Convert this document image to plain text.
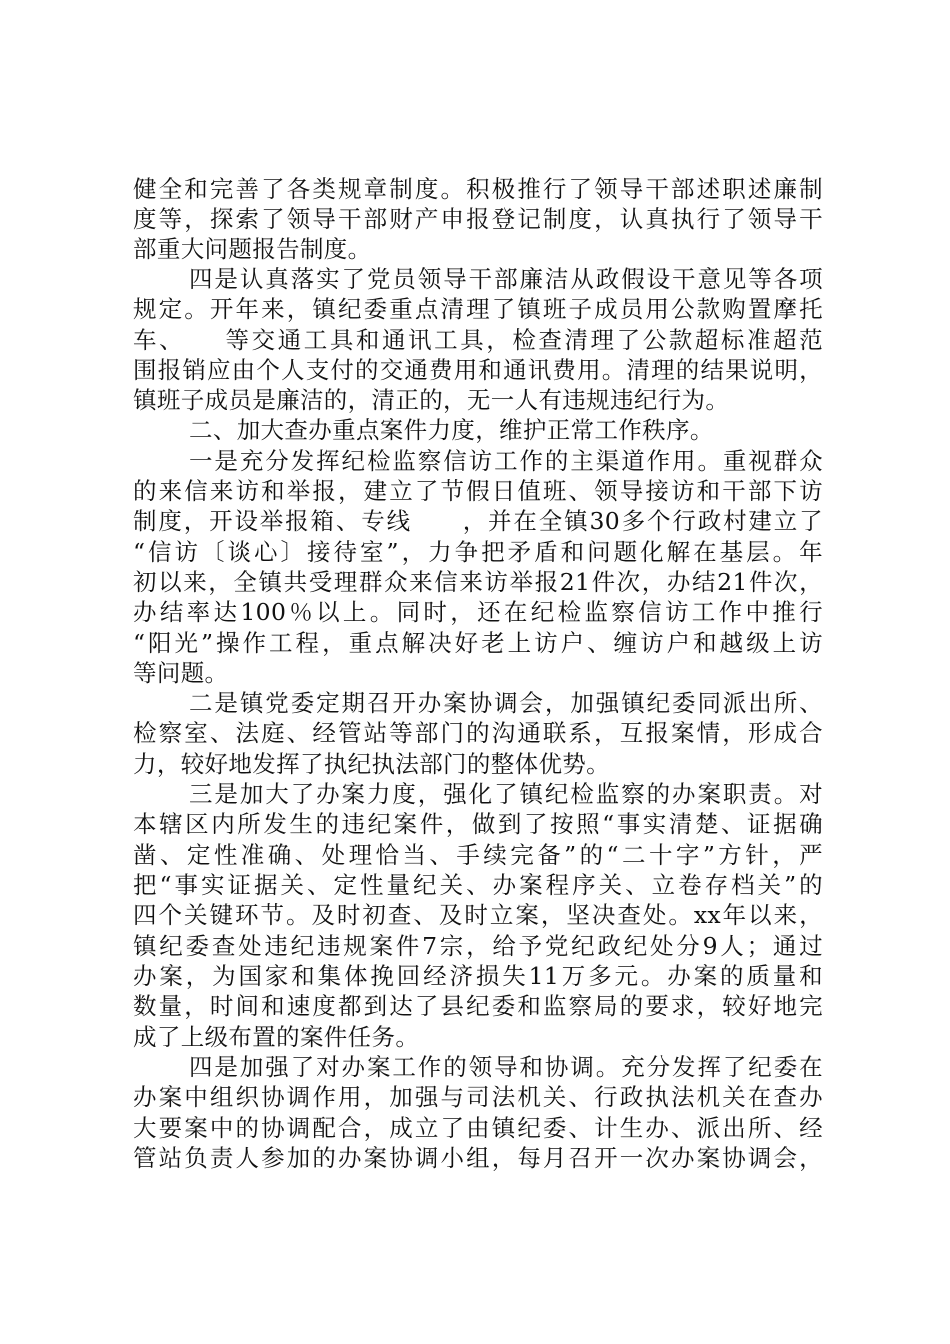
健全和完善了各类规章制度。积极推行了领导干部述职述廉制
度等，探索了领导干部财产申报登记制度，认真执行了领导干
部重大问题报告制度。
四是认真落实了党员领导干部廉洁从政假设干意见等各项
规定。开年来，镇纪委重点清理了镇班子成员用公款购置摩托
车、　　等交通工具和通讯工具，检查清理了公款超标准超范
围报销应由个人支付的交通费用和通讯费用。清理的结果说明，
镇班子成员是廉洁的，清正的，无一人有违规违纪行为。
二、加大查办重点案件力度，维护正常工作秩序。
一是充分发挥纪检监察信访工作的主渠道作用。重视群众
的来信来访和举报，建立了节假日值班、领导接访和干部下访
制度，开设举报箱、专线　　，并在全镇30多个行政村建立了
“信访〔谈心〕接待室”，力争把矛盾和问题化解在基层。年
初以来，全镇共受理群众来信来访举报21件次，办结21件次，
办结率达100％以上。同时，还在纪检监察信访工作中推行
“阳光”操作工程，重点解决好老上访户、缠访户和越级上访
等问题。
二是镇党委定期召开办案协调会，加强镇纪委同派出所、
检察室、法庭、经管站等部门的沟通联系，互报案情，形成合
力，较好地发挥了执纪执法部门的整体优势。
三是加大了办案力度，强化了镇纪检监察的办案职责。对
本辖区内所发生的违纪案件，做到了按照“事实清楚、证据确
凿、定性准确、处理恰当、手续完备”的“二十字”方针，严
把“事实证据关、定性量纪关、办案程序关、立卷存档关”的
四个关键环节。及时初查、及时立案，坚决查处。xx年以来，
镇纪委查处违纪违规案件7宗，给予党纪政纪处分9人；通过
办案，为国家和集体挽回经济损失11万多元。办案的质量和
数量，时间和速度都到达了县纪委和监察局的要求，较好地完
成了上级布置的案件任务。
四是加强了对办案工作的领导和协调。充分发挥了纪委在
办案中组织协调作用，加强与司法机关、行政执法机关在查办
大要案中的协调配合，成立了由镇纪委、计生办、派出所、经
管站负责人参加的办案协调小组，每月召开一次办案协调会，
